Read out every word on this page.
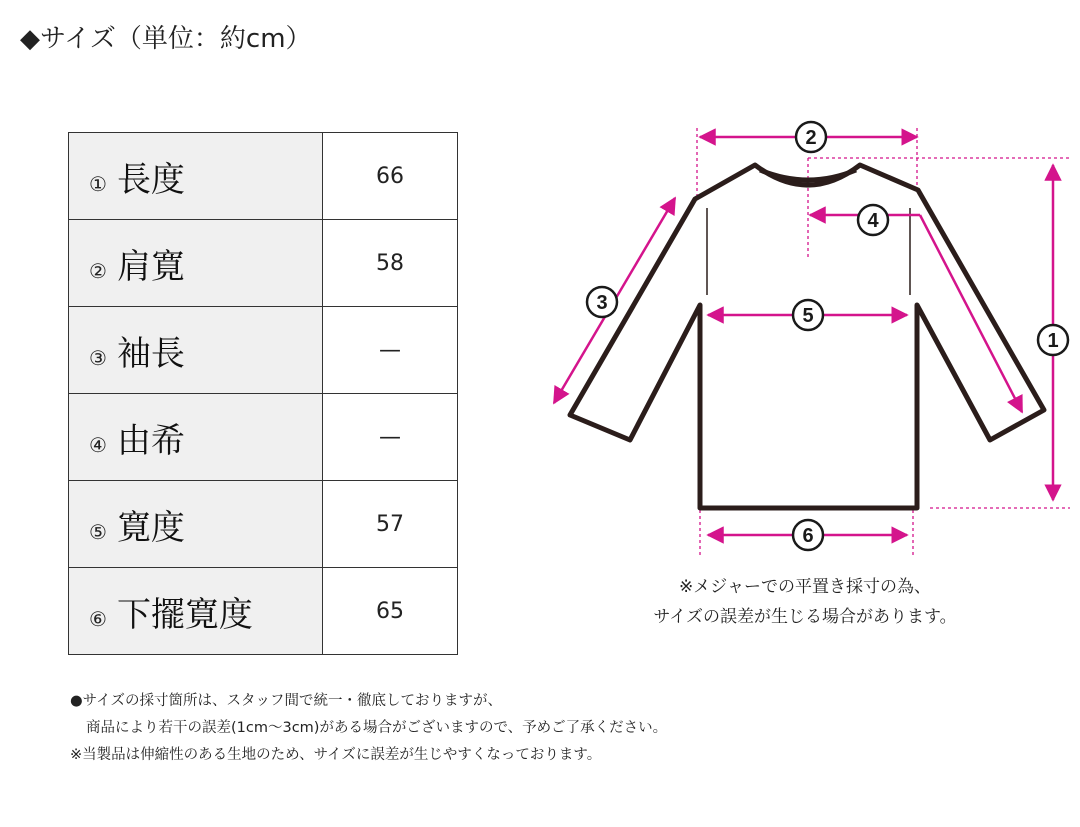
◆サイズ（単位：約cm）
① 長度	66
② 肩寛	58
③ 袖長	—
④ 由希	—
⑤ 寛度	57
⑥ 下擺寛度	65
1
2
3
4
5
6
※メジャーでの平置き採寸の為、
サイズの誤差が生じる場合があります。
●サイズの採寸箇所は、スタッフ間で統一・徹底しておりますが、
商品により若干の誤差(1cm～3cm)がある場合がございますので、予めご了承ください。
※当製品は伸縮性のある生地のため、サイズに誤差が生じやすくなっております。
